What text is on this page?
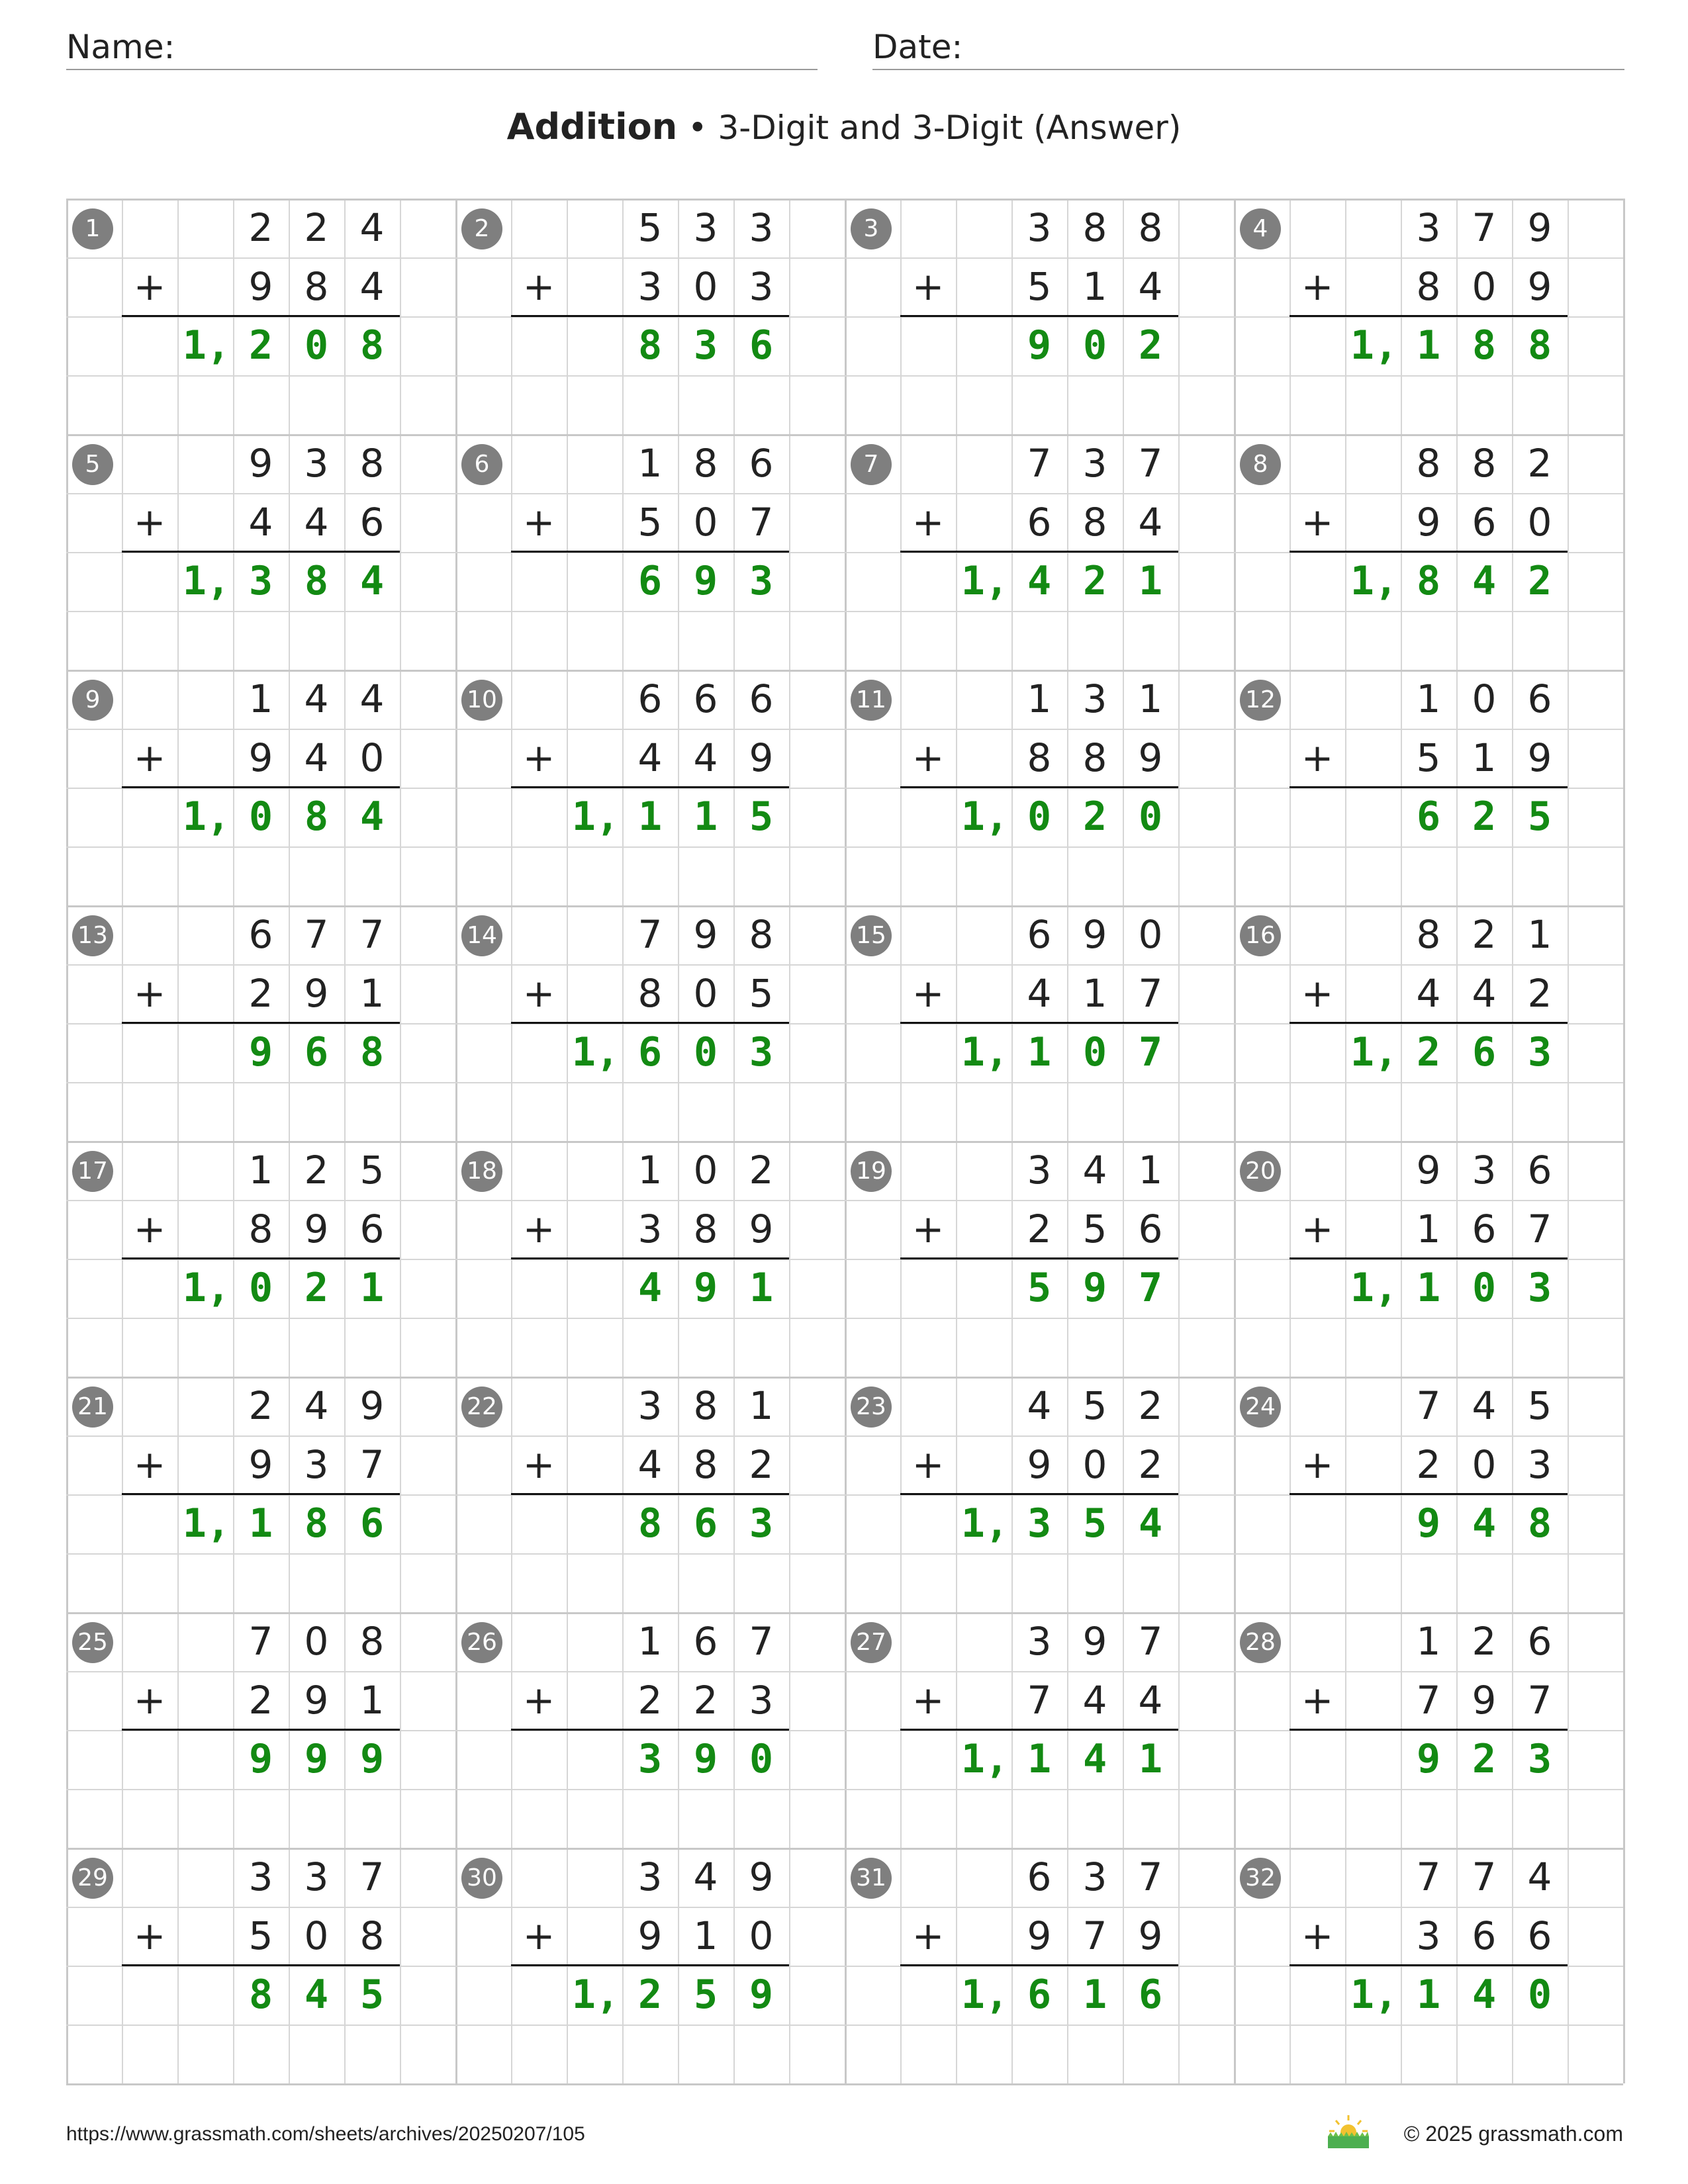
Name:	Date:
Addition • 3-Digit and 3-Digit (Answer)
1	2 2 4
9 8 4
+
1, 2 0 8
2	5 3 3
3 0 3
+
8 3 6
3	3 8 8
5 1 4
+
9 0 2
4	3 7 9
8 0 9
+
1, 1 8 8
5	9 3 8
4 4 6
+
1, 3 8 4
6	1 8 6
5 0 7
+
6 9 3
7	7 3 7
6 8 4
+
1, 4 2 1
8	8 8 2
9 6 0
+
1, 8 4 2
9	1 4 4
9 4 0
+
1, 0 8 4
10	6 6 6
4 4 9
+
1, 1 1 5
11	1 3 1
8 8 9
+
1, 0 2 0
12	1 0 6
5 1 9
+
6 2 5
13	6 7 7
2 9 1
+
9 6 8
14	7 9 8
8 0 5
+
1, 6 0 3
15	6 9 0
4 1 7
+
1, 1 0 7
16	8 2 1
4 4 2
+
1, 2 6 3
17	1 2 5
8 9 6
+
1, 0 2 1
18	1 0 2
3 8 9
+
4 9 1
19	3 4 1
2 5 6
+
5 9 7
20	9 3 6
1 6 7
+
1, 1 0 3
21	2 4 9
9 3 7
+
1, 1 8 6
22	3 8 1
4 8 2
+
8 6 3
23	4 5 2
9 0 2
+
1, 3 5 4
24	7 4 5
2 0 3
+
9 4 8
25	7 0 8
2 9 1
+
9 9 9
26	1 6 7
2 2 3
+
3 9 0
27	3 9 7
7 4 4
+
1, 1 4 1
28	1 2 6
7 9 7
+
9 2 3
29	3 3 7
5 0 8
+
8 4 5
30	3 4 9
9 1 0
+
1, 2 5 9
31	6 3 7
9 7 9
+
1, 6 1 6
32	7 7 4
3 6 6
+
1, 1 4 0
https://www.grassmath.com/sheets/archives/20250207/105	© 2025 grassmath.com
